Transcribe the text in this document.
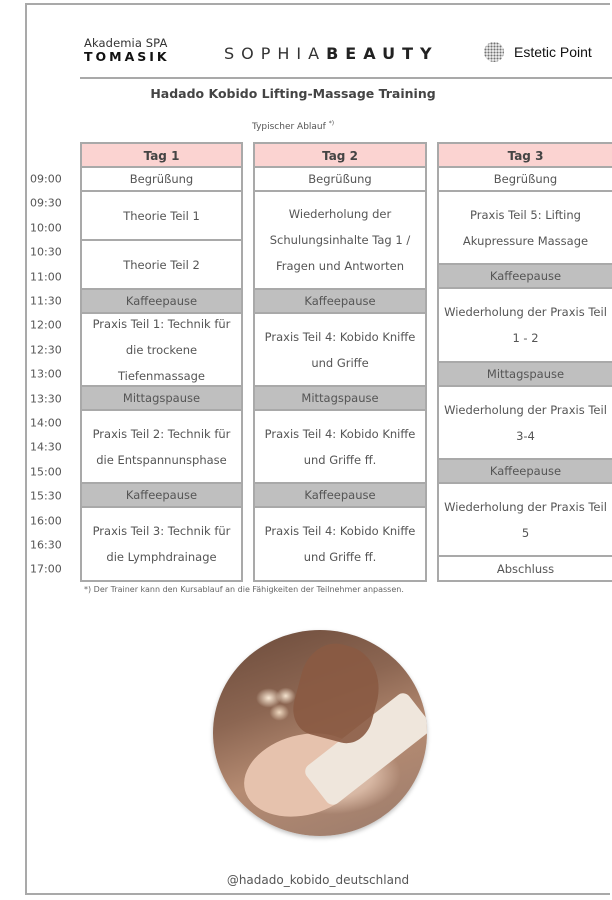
Akademia SPA
TOMASIK	SOPHIABEAUTY	Estetic Point
Hadado Kobido Lifting-Massage Training
Typischer Ablauf *)
09:00
09:30
10:00
10:30
11:00
11:30
12:00
12:30
13:00
13:30
14:00
14:30
15:00
15:30
16:00
16:30
17:00
Tag 1
Begrüßung
Theorie Teil 1
Theorie Teil 2
Kaffeepause
Praxis Teil 1: Technik für die trockene Tiefenmassage
Mittagspause
Praxis Teil 2: Technik für die Entspannunsphase
Kaffeepause
Praxis Teil 3: Technik für die Lymphdrainage
Tag 2
Begrüßung
Wiederholung der Schulungsinhalte Tag 1 / Fragen und Antworten
Kaffeepause
Praxis Teil 4: Kobido Kniffe und Griffe
Mittagspause
Praxis Teil 4: Kobido Kniffe und Griffe ff.
Kaffeepause
Praxis Teil 4: Kobido Kniffe und Griffe ff.
Tag 3
Begrüßung
Praxis Teil 5: Lifting Akupressure Massage
Kaffeepause
Wiederholung der Praxis Teil 1 - 2
Mittagspause
Wiederholung der Praxis Teil 3-4
Kaffeepause
Wiederholung der Praxis Teil 5
Abschluss
*) Der Trainer kann den Kursablauf an die Fähigkeiten der Teilnehmer anpassen.
@hadado_kobido_deutschland
